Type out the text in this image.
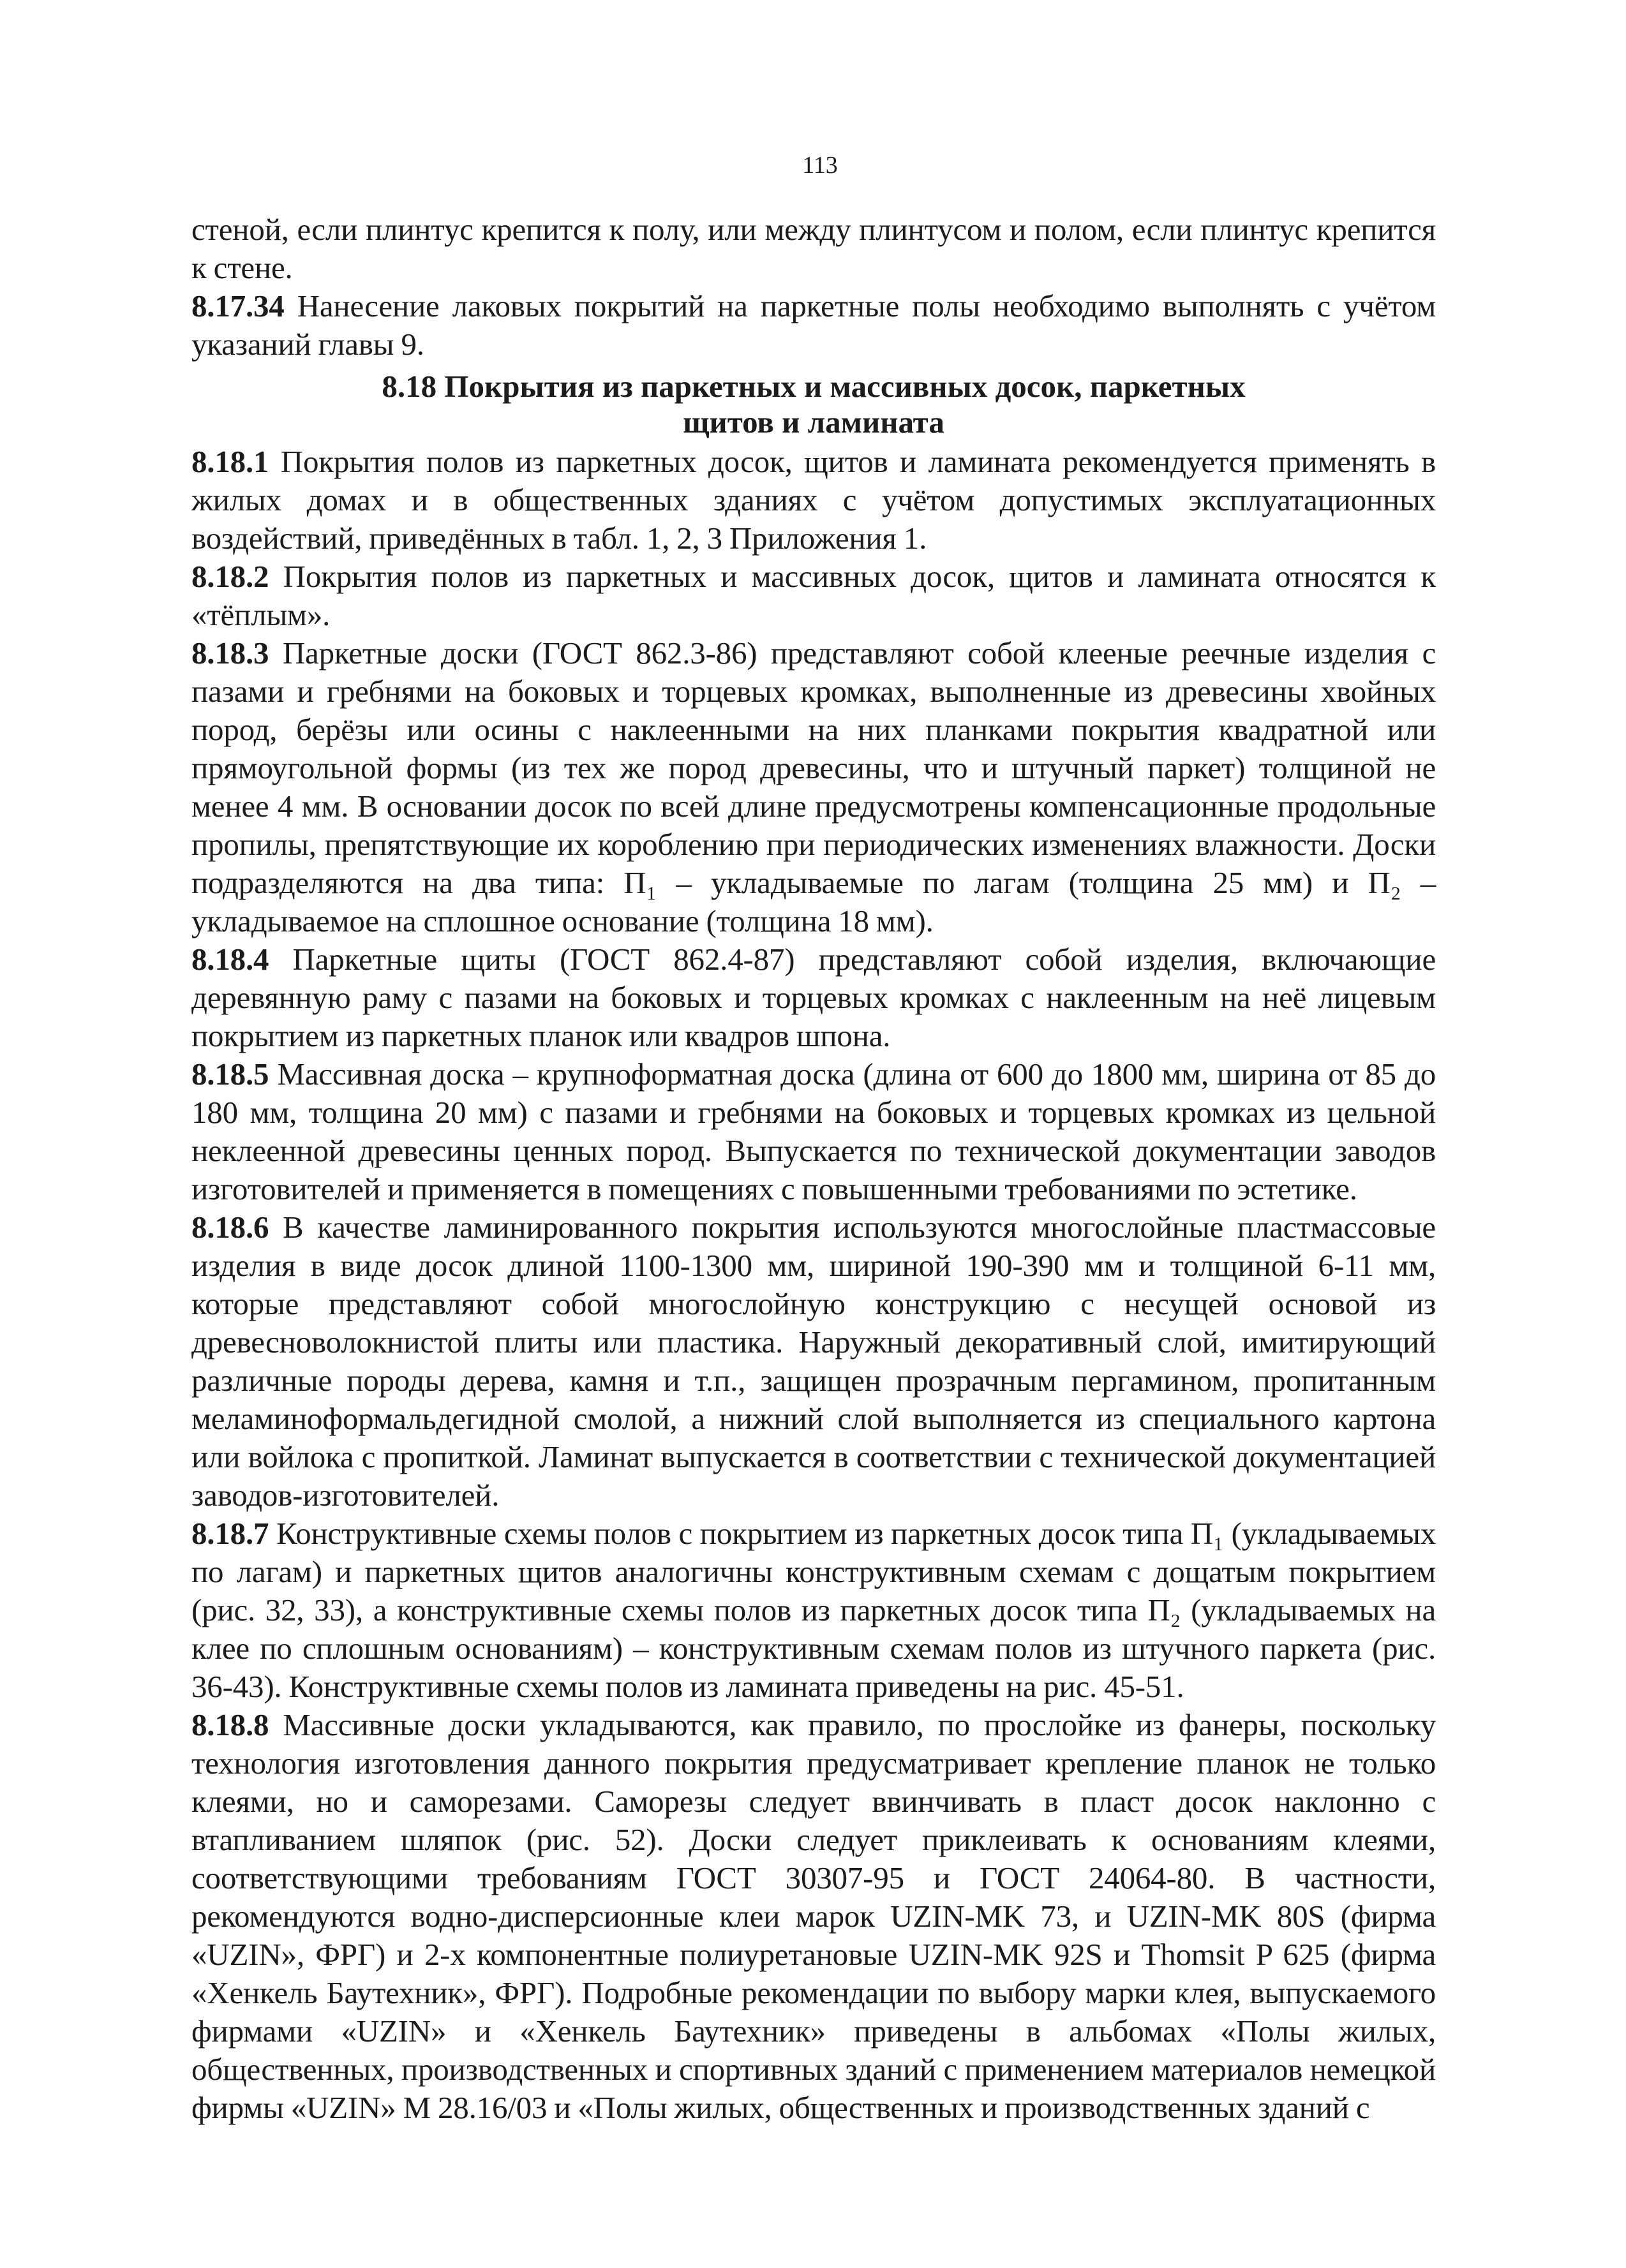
113

стеной, если плинтус крепится к полу, или между плинтусом и полом, если плинтус крепится к стене.

8.17.34 Нанесение лаковых покрытий на паркетные полы необходимо выполнять с учётом указаний главы 9.

8.18 Покрытия из паркетных и массивных досок, паркетных
щитов и ламината

8.18.1 Покрытия полов из паркетных досок, щитов и ламината рекомендуется применять в жилых домах и в общественных зданиях с учётом допустимых эксплуатационных воздействий, приведённых в табл. 1, 2, 3 Приложения 1.

8.18.2 Покрытия полов из паркетных и массивных досок, щитов и ламината относятся к «тёплым».

8.18.3 Паркетные доски (ГОСТ 862.3-86) представляют собой клееные реечные изделия с пазами и гребнями на боковых и торцевых кромках, выполненные из древесины хвойных пород, берёзы или осины с наклеенными на них планками покрытия квадратной или прямоугольной формы (из тех же пород древесины, что и штучный паркет) толщиной не менее 4 мм. В основании досок по всей длине предусмотрены компенсационные продольные пропилы, препятствующие их короблению при периодических изменениях влажности. Доски подразделяются на два типа: П₁ – укладываемые по лагам (толщина 25 мм) и П₂ – укладываемое на сплошное основание (толщина 18 мм).

8.18.4 Паркетные щиты (ГОСТ 862.4-87) представляют собой изделия, включающие деревянную раму с пазами на боковых и торцевых кромках с наклеенным на неё лицевым покрытием из паркетных планок или квадров шпона.

8.18.5 Массивная доска – крупноформатная доска (длина от 600 до 1800 мм, ширина от 85 до 180 мм, толщина 20 мм) с пазами и гребнями на боковых и торцевых кромках из цельной неклеенной древесины ценных пород. Выпускается по технической документации заводов изготовителей и применяется в помещениях с повышенными требованиями по эстетике.

8.18.6 В качестве ламинированного покрытия используются многослойные пластмассовые изделия в виде досок длиной 1100-1300 мм, шириной 190-390 мм и толщиной 6-11 мм, которые представляют собой многослойную конструкцию с несущей основой из древесноволокнистой плиты или пластика. Наружный декоративный слой, имитирующий различные породы дерева, камня и т.п., защищен прозрачным пергамином, пропитанным меламиноформальдегидной смолой, а нижний слой выполняется из специального картона или войлока с пропиткой. Ламинат выпускается в соответствии с технической документацией заводов-изготовителей.

8.18.7 Конструктивные схемы полов с покрытием из паркетных досок типа П₁ (укладываемых по лагам) и паркетных щитов аналогичны конструктивным схемам с дощатым покрытием (рис. 32, 33), а конструктивные схемы полов из паркетных досок типа П₂ (укладываемых на клее по сплошным основаниям) – конструктивным схемам полов из штучного паркета (рис. 36-43). Конструктивные схемы полов из ламината приведены на рис. 45-51.

8.18.8 Массивные доски укладываются, как правило, по прослойке из фанеры, поскольку технология изготовления данного покрытия предусматривает крепление планок не только клеями, но и саморезами. Саморезы следует ввинчивать в пласт досок наклонно с втапливанием шляпок (рис. 52). Доски следует приклеивать к основаниям клеями, соответствующими требованиям ГОСТ 30307-95 и ГОСТ 24064-80. В частности, рекомендуются водно-дисперсионные клеи марок UZIN-MK 73, и UZIN-MK 80S (фирма «UZIN», ФРГ) и 2-х компонентные полиуретановые UZIN-MK 92S и Thomsit P 625 (фирма «Хенкель Баутехник», ФРГ). Подробные рекомендации по выбору марки клея, выпускаемого фирмами «UZIN» и «Хенкель Баутехник» приведены в альбомах «Полы жилых, общественных, производственных и спортивных зданий с применением материалов немецкой фирмы «UZIN» М 28.16/03 и «Полы жилых, общественных и производственных зданий с
